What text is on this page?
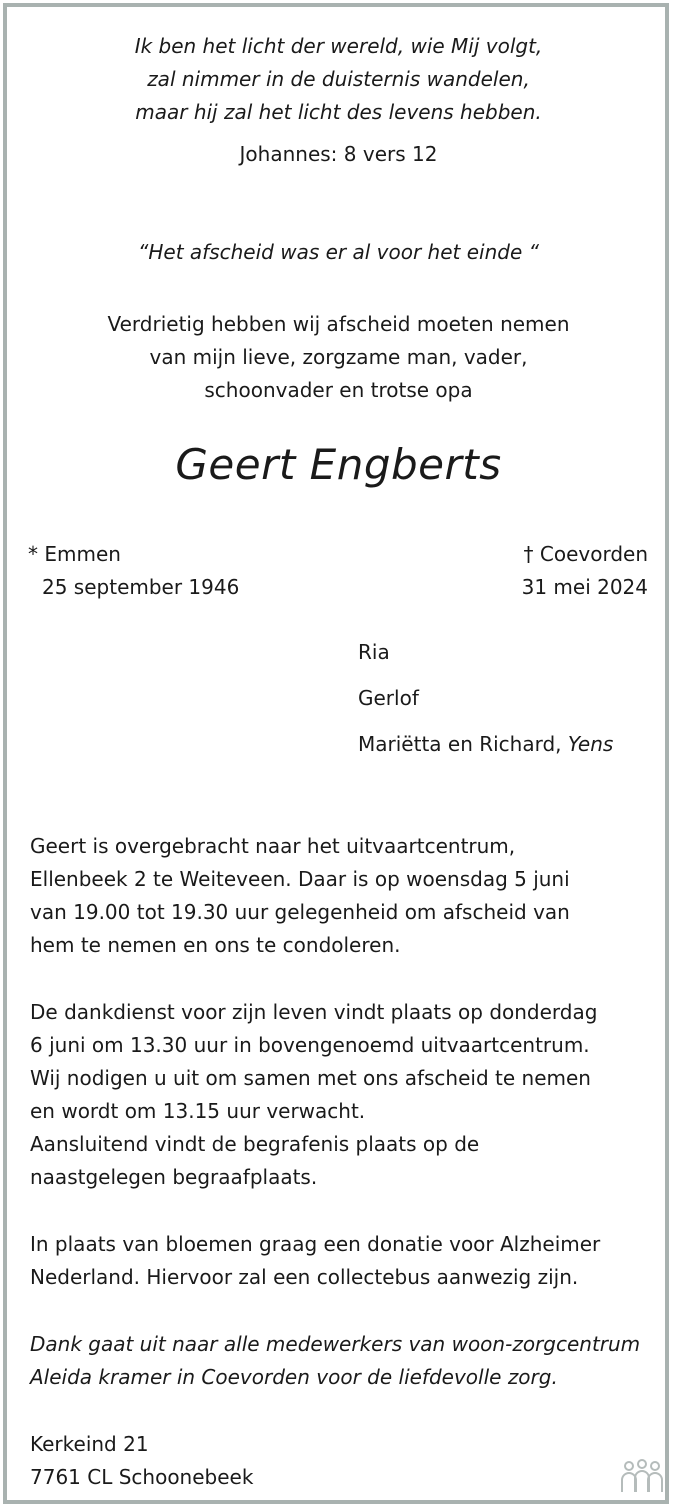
Ik ben het licht der wereld, wie Mij volgt,
zal nimmer in de duisternis wandelen,
maar hij zal het licht des levens hebben.
Johannes: 8 vers 12
“Het afscheid was er al voor het einde “
Verdrietig hebben wij afscheid moeten nemen
van mijn lieve, zorgzame man, vader,
schoonvader en trotse opa
Geert Engberts
* Emmen
25 september 1946
† Coevorden
31 mei 2024
Ria
Gerlof
Mariëtta en Richard, Yens
Geert is overgebracht naar het uitvaartcentrum,
Ellenbeek 2 te Weiteveen. Daar is op woensdag 5 juni
van 19.00 tot 19.30 uur gelegenheid om afscheid van
hem te nemen en ons te condoleren.
De dankdienst voor zijn leven vindt plaats op donderdag
6 juni om 13.30 uur in bovengenoemd uitvaartcentrum.
Wij nodigen u uit om samen met ons afscheid te nemen
en wordt om 13.15 uur verwacht.
Aansluitend vindt de begrafenis plaats op de
naastgelegen begraafplaats.
In plaats van bloemen graag een donatie voor Alzheimer
Nederland. Hiervoor zal een collectebus aanwezig zijn.
Dank gaat uit naar alle medewerkers van woon-zorgcentrum
Aleida kramer in Coevorden voor de liefdevolle zorg.
Kerkeind 21
7761 CL Schoonebeek
